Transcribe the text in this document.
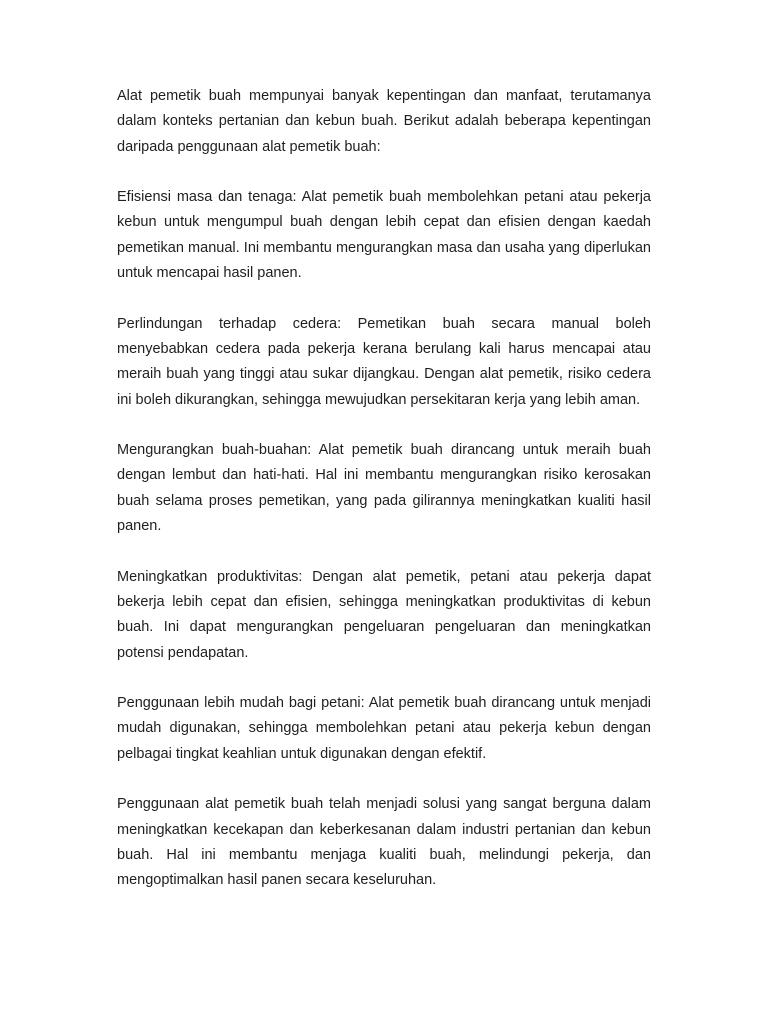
Alat pemetik buah mempunyai banyak kepentingan dan manfaat, terutamanya dalam konteks pertanian dan kebun buah. Berikut adalah beberapa kepentingan daripada penggunaan alat pemetik buah:

Efisiensi masa dan tenaga: Alat pemetik buah membolehkan petani atau pekerja kebun untuk mengumpul buah dengan lebih cepat dan efisien dengan kaedah pemetikan manual. Ini membantu mengurangkan masa dan usaha yang diperlukan untuk mencapai hasil panen.

Perlindungan terhadap cedera: Pemetikan buah secara manual boleh menyebabkan cedera pada pekerja kerana berulang kali harus mencapai atau meraih buah yang tinggi atau sukar dijangkau. Dengan alat pemetik, risiko cedera ini boleh dikurangkan, sehingga mewujudkan persekitaran kerja yang lebih aman.

Mengurangkan buah-buahan: Alat pemetik buah dirancang untuk meraih buah dengan lembut dan hati-hati. Hal ini membantu mengurangkan risiko kerosakan buah selama proses pemetikan, yang pada gilirannya meningkatkan kualiti hasil panen.

Meningkatkan produktivitas: Dengan alat pemetik, petani atau pekerja dapat bekerja lebih cepat dan efisien, sehingga meningkatkan produktivitas di kebun buah. Ini dapat mengurangkan pengeluaran pengeluaran dan meningkatkan potensi pendapatan.

Penggunaan lebih mudah bagi petani: Alat pemetik buah dirancang untuk menjadi mudah digunakan, sehingga membolehkan petani atau pekerja kebun dengan pelbagai tingkat keahlian untuk digunakan dengan efektif.

Penggunaan alat pemetik buah telah menjadi solusi yang sangat berguna dalam meningkatkan kecekapan dan keberkesanan dalam industri pertanian dan kebun buah. Hal ini membantu menjaga kualiti buah, melindungi pekerja, dan mengoptimalkan hasil panen secara keseluruhan.
